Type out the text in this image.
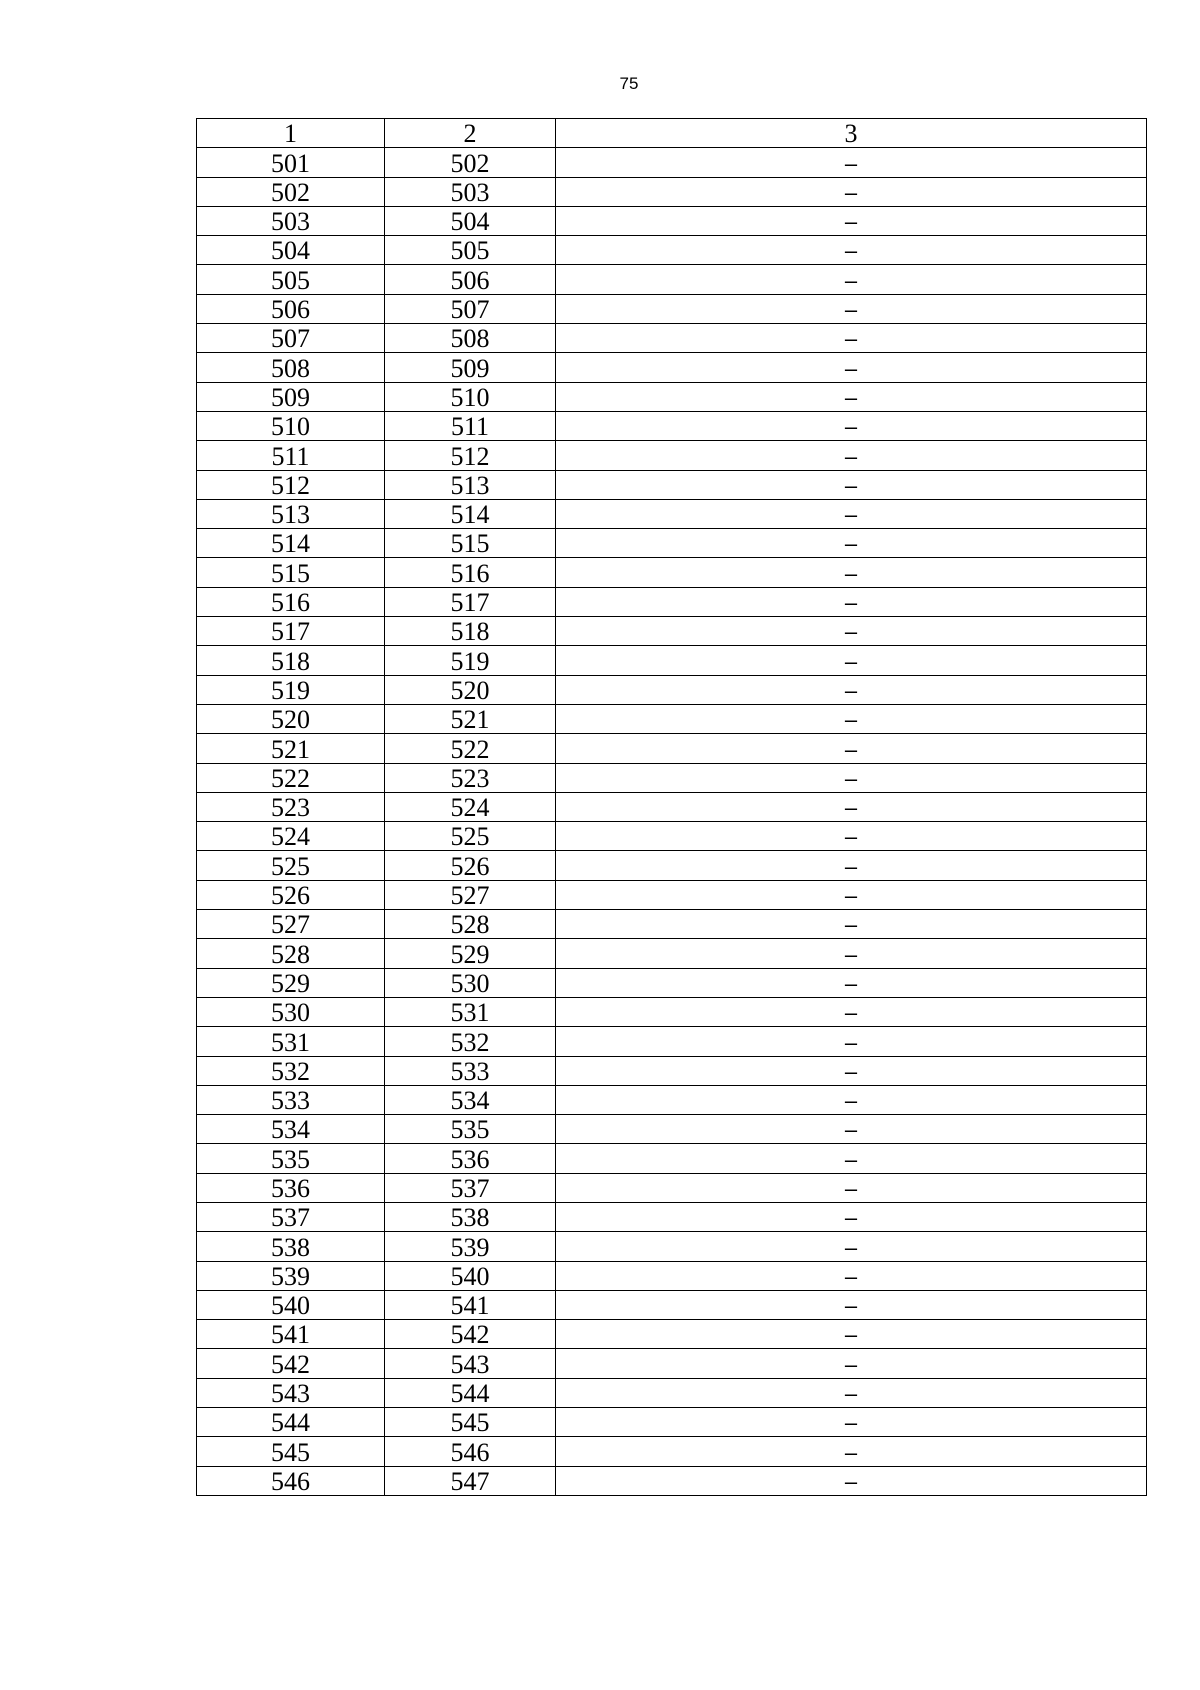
75
1	2	3
501	502	–
502	503	–
503	504	–
504	505	–
505	506	–
506	507	–
507	508	–
508	509	–
509	510	–
510	511	–
511	512	–
512	513	–
513	514	–
514	515	–
515	516	–
516	517	–
517	518	–
518	519	–
519	520	–
520	521	–
521	522	–
522	523	–
523	524	–
524	525	–
525	526	–
526	527	–
527	528	–
528	529	–
529	530	–
530	531	–
531	532	–
532	533	–
533	534	–
534	535	–
535	536	–
536	537	–
537	538	–
538	539	–
539	540	–
540	541	–
541	542	–
542	543	–
543	544	–
544	545	–
545	546	–
546	547	–
